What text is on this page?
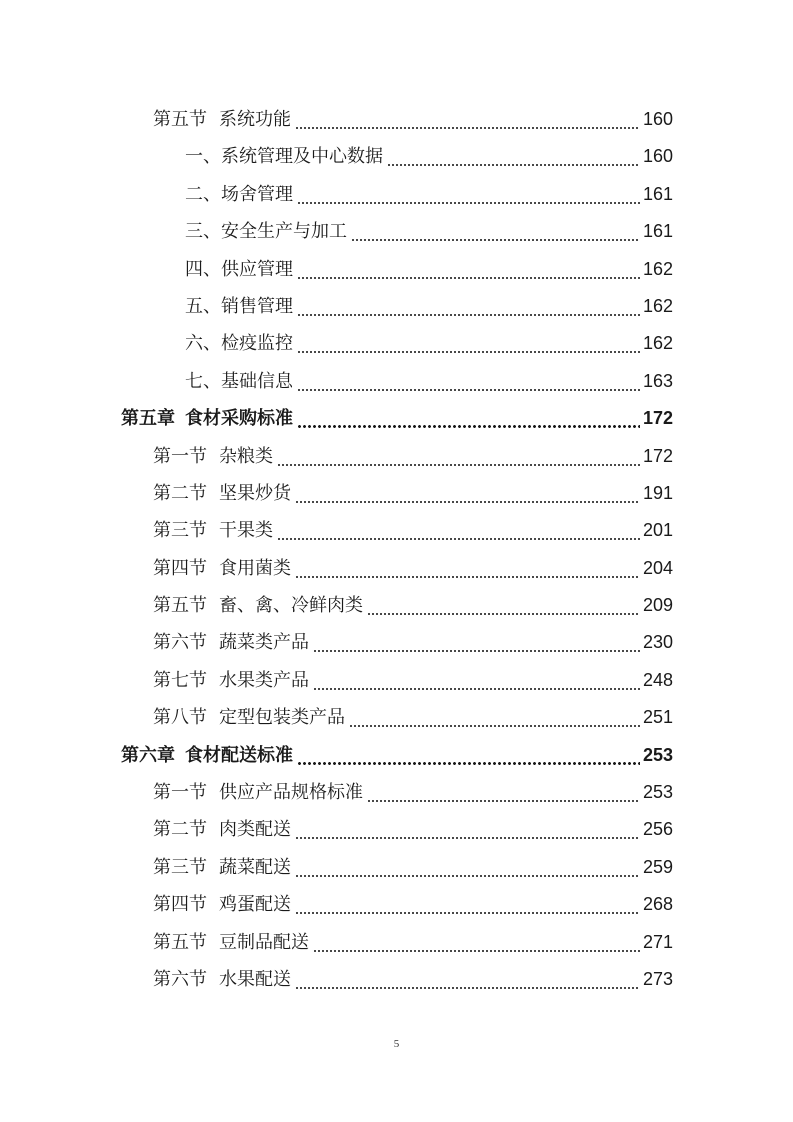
第五节 系统功能	160
一、 系统管理及中心数据	160
二、 场舍管理	161
三、 安全生产与加工	161
四、 供应管理	162
五、 销售管理	162
六、 检疫监控	162
七、 基础信息	163
第五章 食材采购标准	172
第一节 杂粮类	172
第二节 坚果炒货	191
第三节 干果类	201
第四节 食用菌类	204
第五节 畜、禽、冷鲜肉类	209
第六节 蔬菜类产品	230
第七节 水果类产品	248
第八节 定型包装类产品	251
第六章 食材配送标准	253
第一节 供应产品规格标准	253
第二节 肉类配送	256
第三节 蔬菜配送	259
第四节 鸡蛋配送	268
第五节 豆制品配送	271
第六节 水果配送	273
5
